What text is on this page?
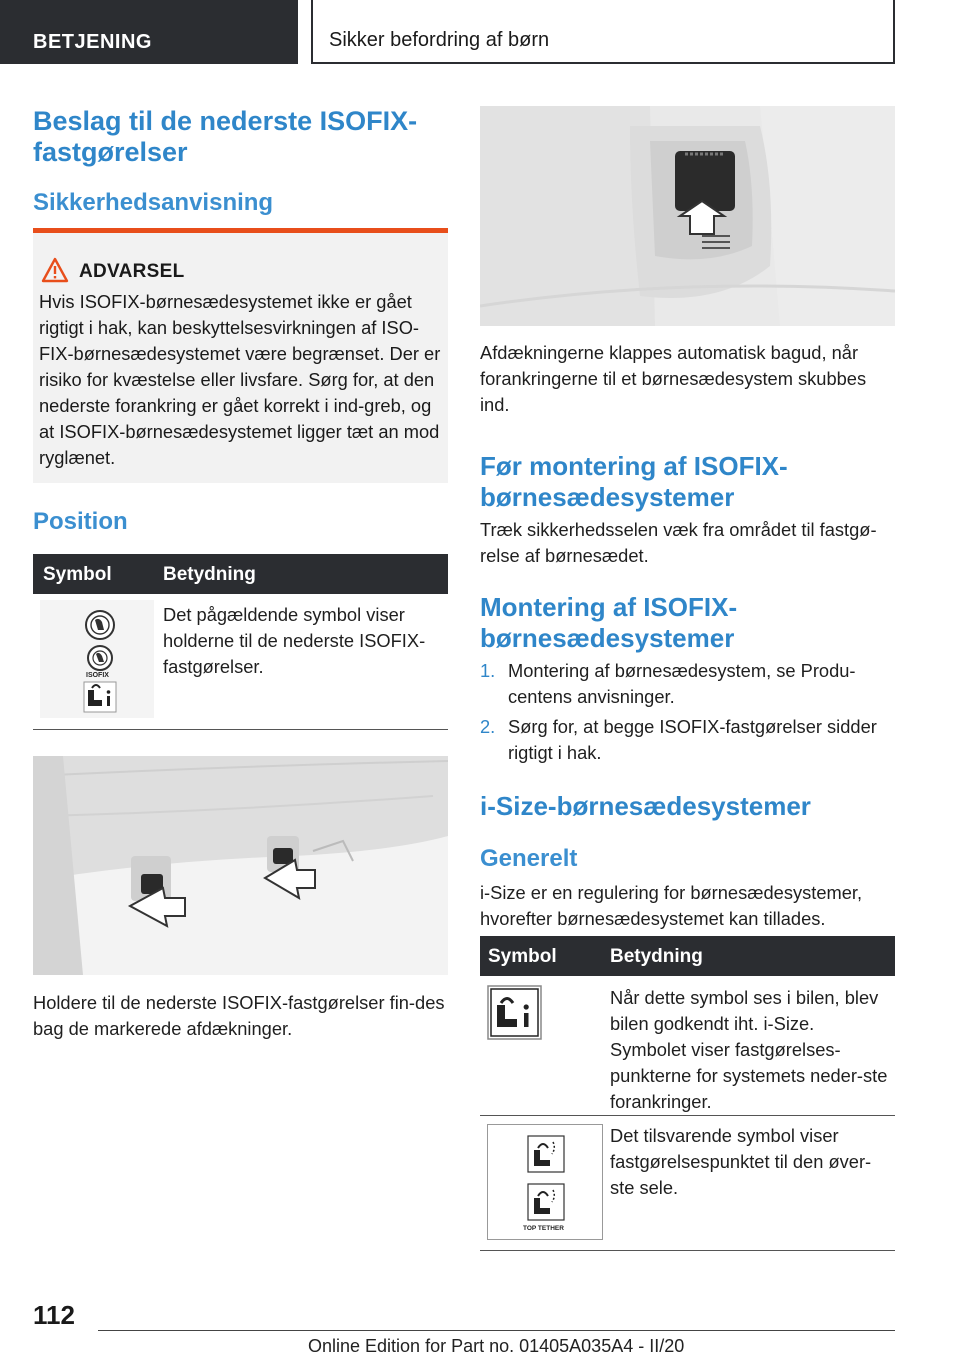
BETJENING	Sikker befordring af børn
Beslag til de nederste ISOFIX-
fastgørelser
Sikkerhedsanvisning
ADVARSEL
Hvis ISOFIX-børnesædesystemet ikke er gået rigtigt i hak, kan beskyttelsesvirkningen af ISO-FIX-børnesædesystemet være begrænset. Der er risiko for kvæstelse eller livsfare. Sørg for, at den nederste forankring er gået korrekt i ind-greb, og at ISOFIX-børnesædesystemet ligger tæt an mod ryglænet.
Position
Symbol	Betydning
ISOFIX
Det pågældende symbol viser holderne til de nederste ISOFIX-fastgørelser.
Holdere til de nederste ISOFIX-fastgørelser fin-des bag de markerede afdækninger.
Afdækningerne klappes automatisk bagud, når forankringerne til et børnesædesystem skubbes ind.
Før montering af ISOFIX-
børnesædesystemer
Træk sikkerhedsselen væk fra området til fastgø-relse af børnesædet.
Montering af ISOFIX-
børnesædesystemer
1. Montering af børnesædesystem, se Produ-centens anvisninger.
2. Sørg for, at begge ISOFIX-fastgørelser sidder rigtigt i hak.
i-Size-børnesædesystemer
Generelt
i-Size er en regulering for børnesædesystemer, hvorefter børnesædesystemet kan tillades.
Symbol	Betydning
Når dette symbol ses i bilen, blev bilen godkendt iht. i-Size. Symbolet viser fastgørelses-punkterne for systemets neder-ste forankringer.
TOP TETHER
Det tilsvarende symbol viser fastgørelsespunktet til den øver-ste sele.
112
Online Edition for Part no. 01405A035A4 - II/20
